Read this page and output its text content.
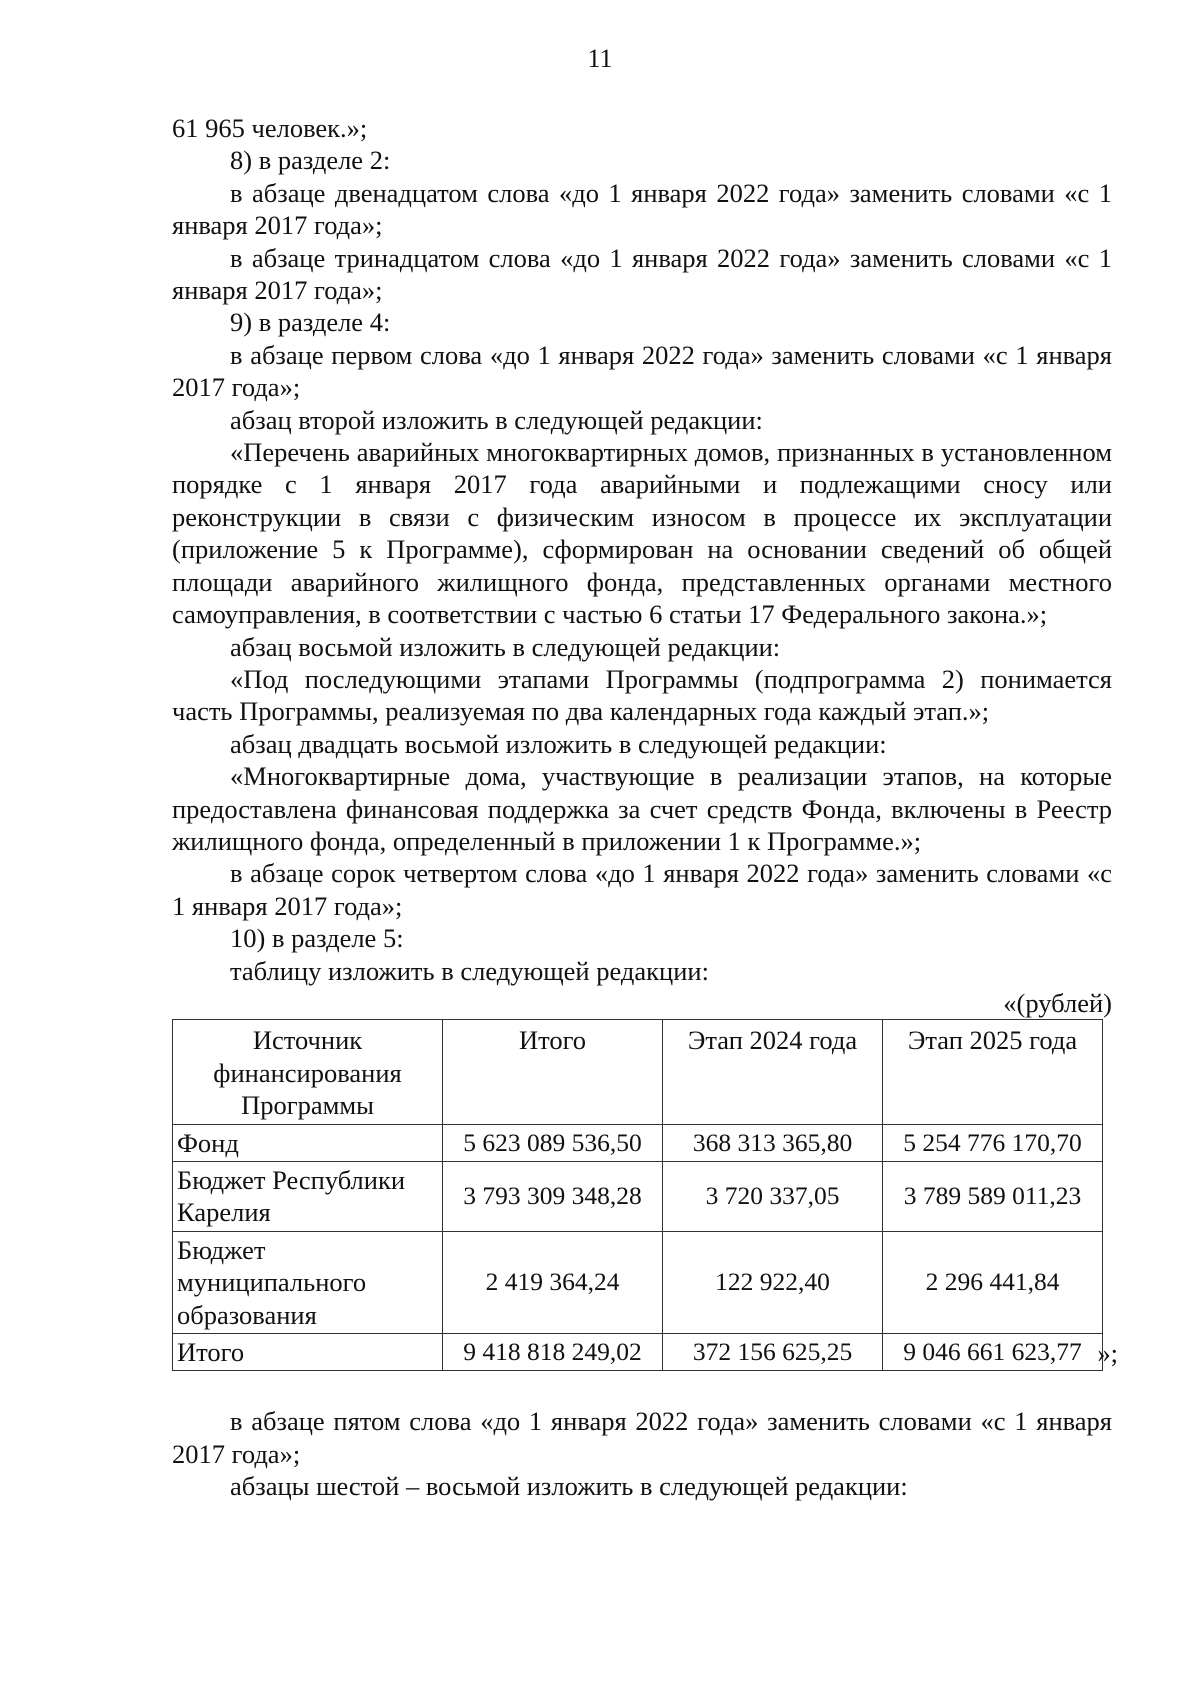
11

61 965 человек.»;

8) в разделе 2:

в абзаце двенадцатом слова «до 1 января 2022 года» заменить словами «с 1 января 2017 года»;

в абзаце тринадцатом слова «до 1 января 2022 года» заменить словами «с 1 января 2017 года»;

9) в разделе 4:

в абзаце первом слова «до 1 января 2022 года» заменить словами «с 1 января 2017 года»;

абзац второй изложить в следующей редакции:

«Перечень аварийных многоквартирных домов, признанных в установленном порядке с 1 января 2017 года аварийными и подлежащими сносу или реконструкции в связи с физическим износом в процессе их эксплуатации (приложение 5 к Программе), сформирован на основании сведений об общей площади аварийного жилищного фонда, представленных органами местного самоуправления, в соответствии с частью 6 статьи 17 Федерального закона.»;

абзац восьмой изложить в следующей редакции:

«Под последующими этапами Программы (подпрограмма 2) понимается часть Программы, реализуемая по два календарных года каждый этап.»;

абзац двадцать восьмой изложить в следующей редакции:

«Многоквартирные дома, участвующие в реализации этапов, на которые предоставлена финансовая поддержка за счет средств Фонда, включены в Реестр жилищного фонда, определенный в приложении 1 к Программе.»;

в абзаце сорок четвертом слова «до 1 января 2022 года» заменить словами «с 1 января 2017 года»;

10) в разделе 5:

таблицу изложить в следующей редакции:

«(рублей)

Источник финансирования Программы	Итого	Этап 2024 года	Этап 2025 года
Фонд	5 623 089 536,50	368 313 365,80	5 254 776 170,70
Бюджет Республики Карелия	3 793 309 348,28	3 720 337,05	3 789 589 011,23
Бюджет муниципального образования	2 419 364,24	122 922,40	2 296 441,84
Итого	9 418 818 249,02	372 156 625,25	9 046 661 623,77 »;

в абзаце пятом слова «до 1 января 2022 года» заменить словами «с 1 января 2017 года»;

абзацы шестой – восьмой изложить в следующей редакции:
